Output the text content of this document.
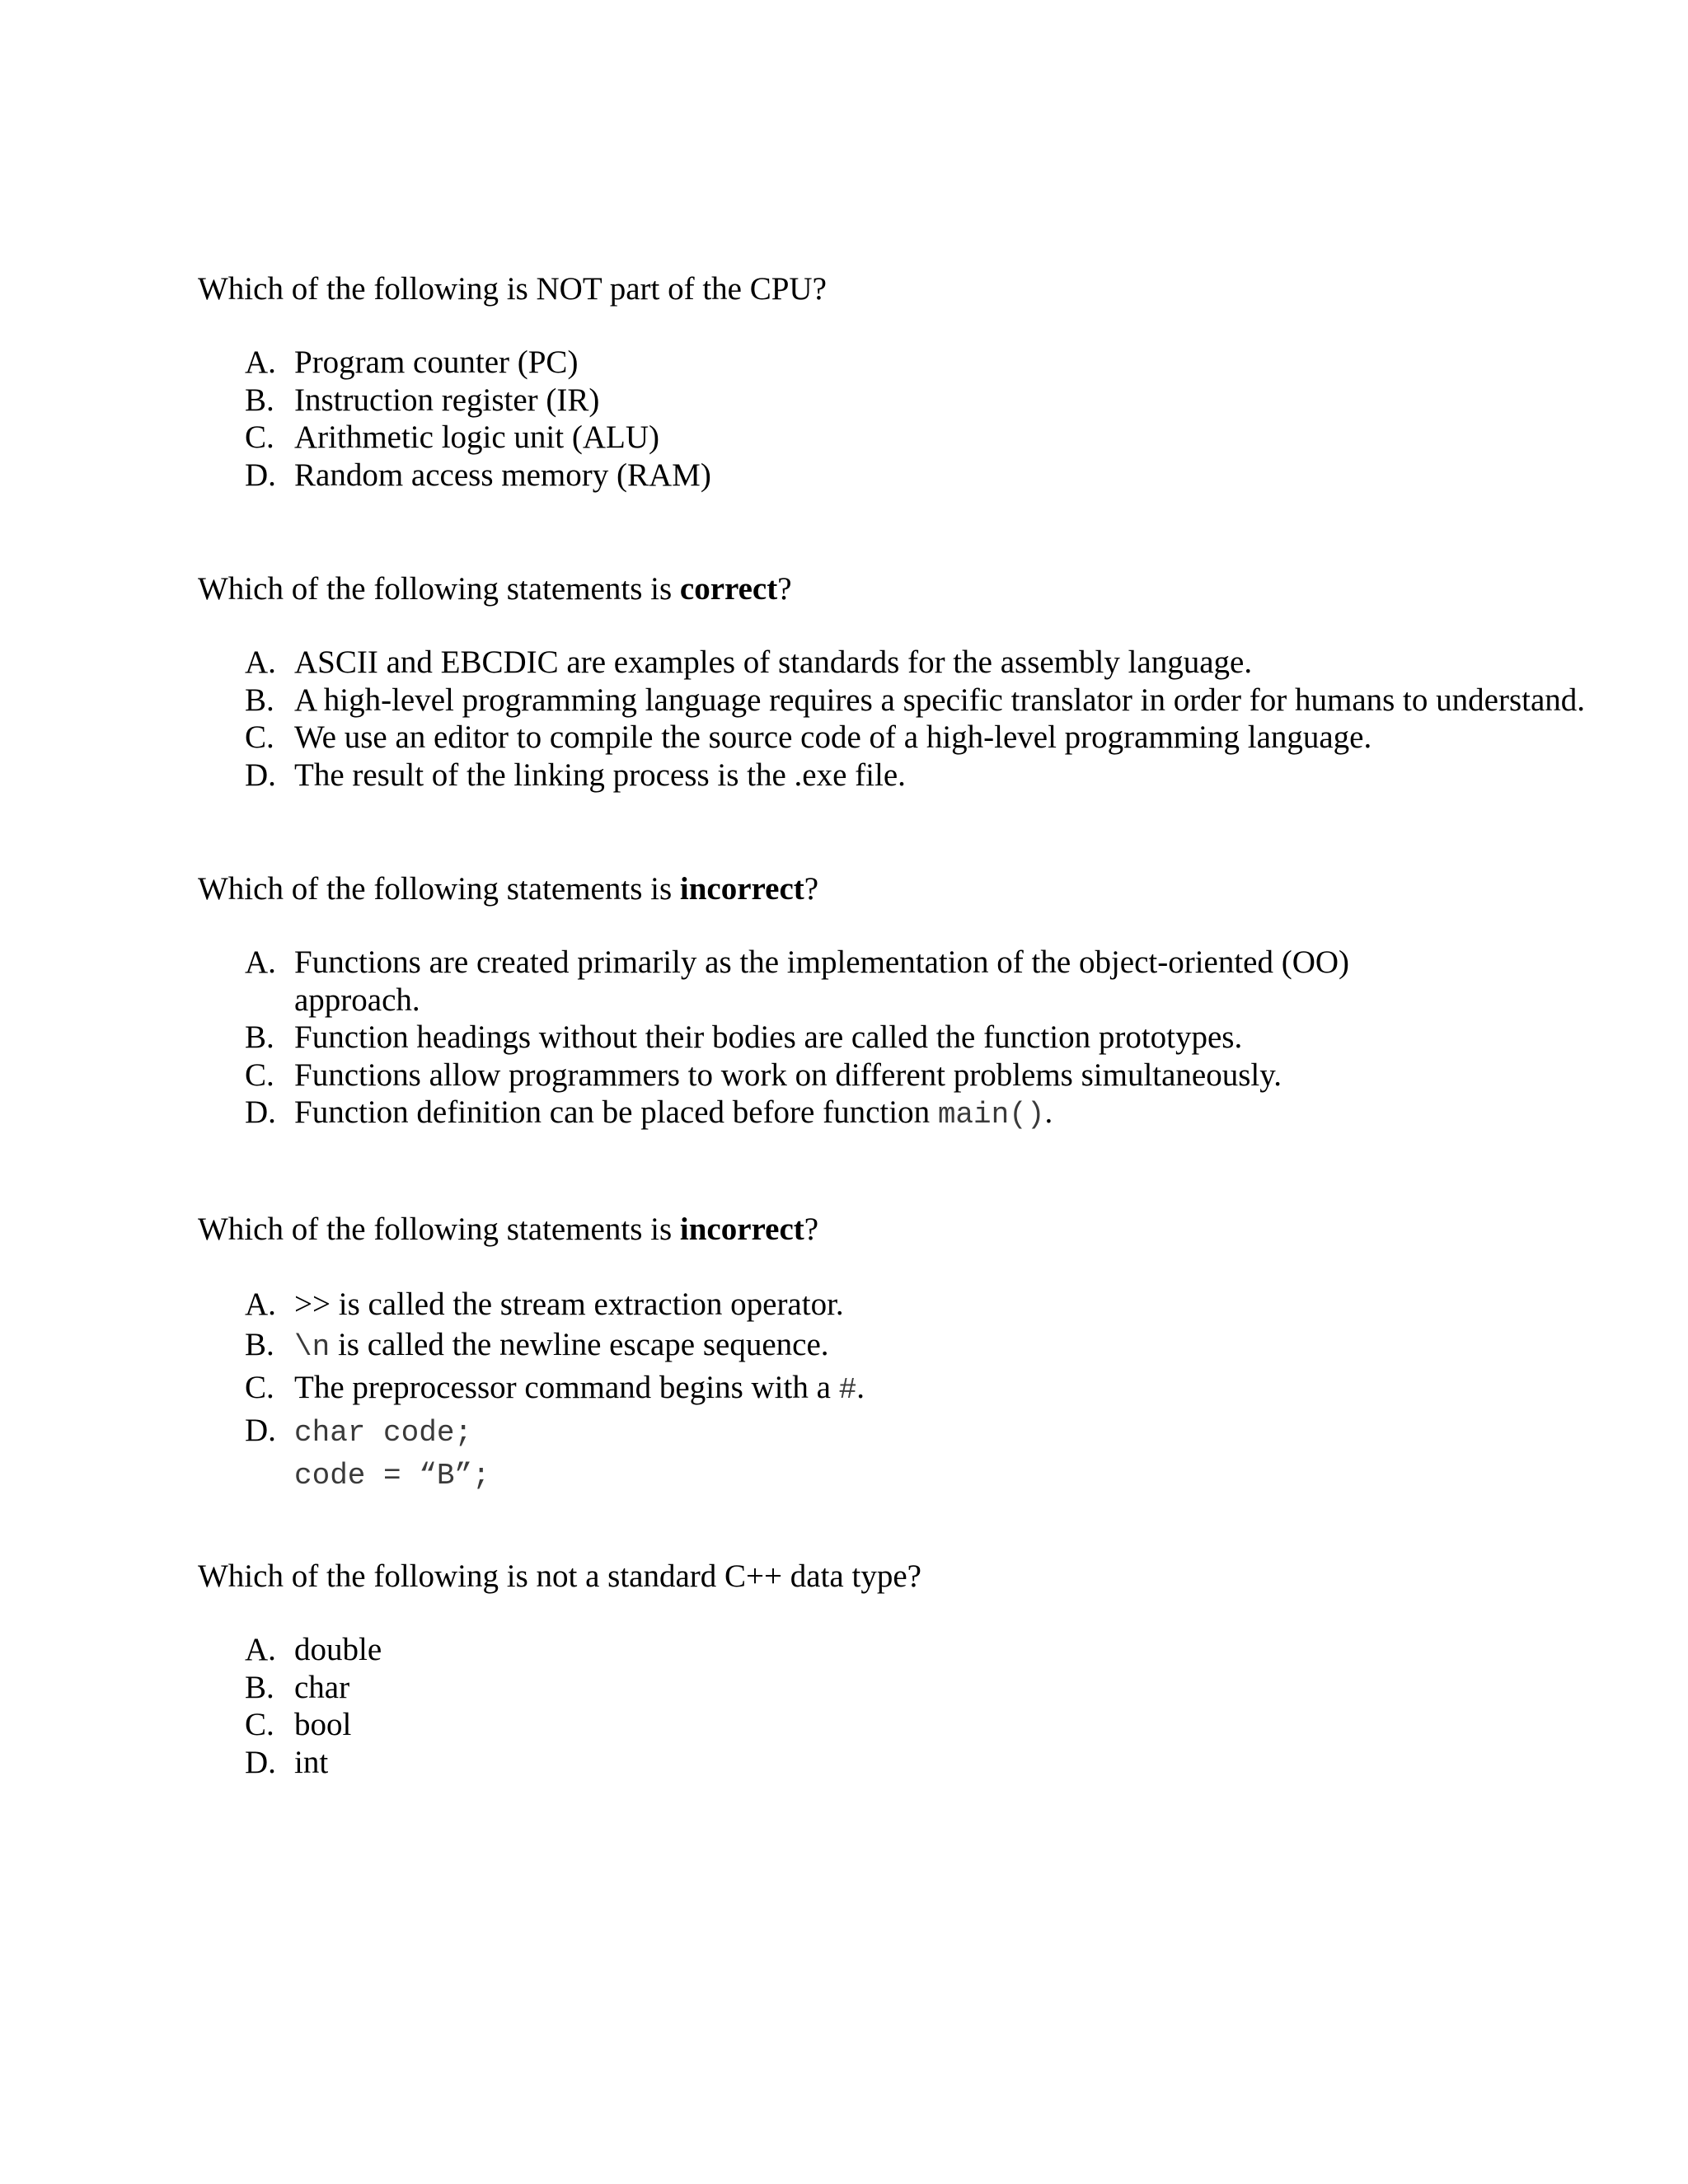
Which of the following is NOT part of the CPU?
A. Program counter (PC)
B. Instruction register (IR)
C. Arithmetic logic unit (ALU)
D. Random access memory (RAM)
Which of the following statements is correct?
A. ASCII and EBCDIC are examples of standards for the assembly language.
B. A high-level programming language requires a specific translator in order for humans to understand.
C. We use an editor to compile the source code of a high-level programming language.
D. The result of the linking process is the .exe file.
Which of the following statements is incorrect?
A. Functions are created primarily as the implementation of the object-oriented (OO)
approach.
B. Function headings without their bodies are called the function prototypes.
C. Functions allow programmers to work on different problems simultaneously.
D. Function definition can be placed before function main().
Which of the following statements is incorrect?
A. >> is called the stream extraction operator.
B. \n is called the newline escape sequence.
C. The preprocessor command begins with a #.
D. char code;
code = “B”;
Which of the following is not a standard C++ data type?
A. double
B. char
C. bool
D. int
